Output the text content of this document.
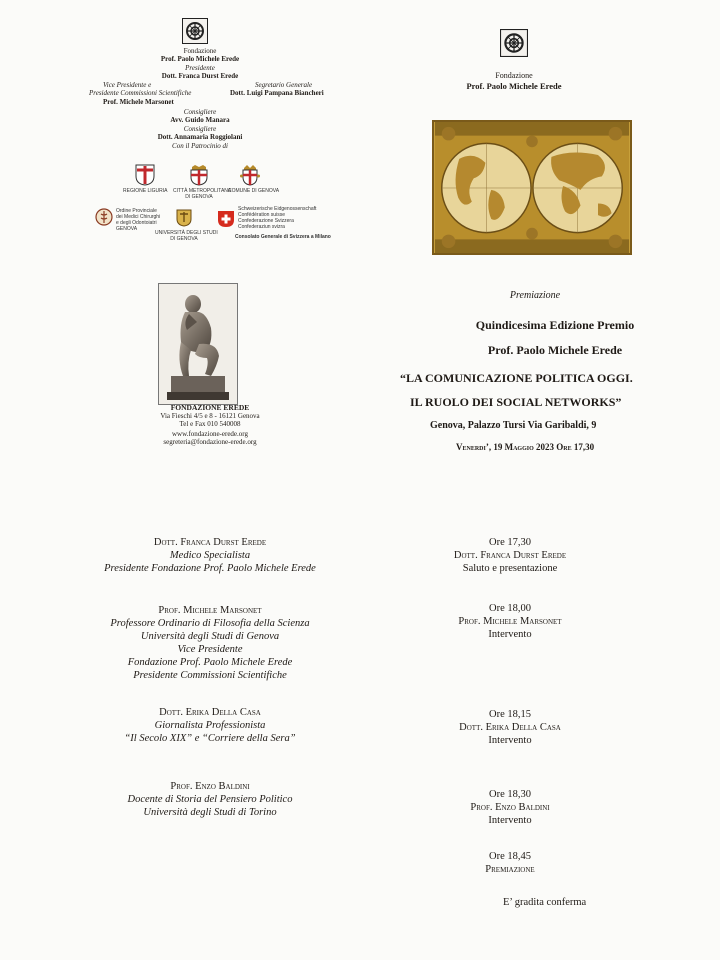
Fondazione
Prof. Paolo Michele Erede
Presidente
Dott. Franca Durst Erede
Vice Presidente e
Presidente Commissioni Scientifiche
Prof. Michele Marsonet
Segretario Generale
Dott. Luigi Pampana Biancheri
Consigliere
Avv. Guido Manara
Consigliere
Dott. Annamaria Roggiolani
Con il Patrocinio di
REGIONE LIGURIA CITTÀ METROPOLITANA
DI GENOVA
COMUNE DI GENOVA
Ordine Provinciale
dei Medici Chirurghi
e degli Odontoiatri
GENOVA
UNIVERSITÀ DEGLI STUDI
DI GENOVA
Schweizerische Eidgenossenschaft
Confédération suisse
Confederazione Svizzera
Confederaziun svizra
Consolato Generale di Svizzera a Milano
FONDAZIONE EREDE
Via Fieschi 4/5 e 8 - 16121 Genova
Tel e Fax 010 540008
www.fondazione-erede.org
segreteria@fondazione-erede.org
Fondazione
Prof. Paolo Michele Erede
Premiazione
Quindicesima Edizione Premio
Prof. Paolo Michele Erede
“LA COMUNICAZIONE POLITICA OGGI.
IL RUOLO DEI SOCIAL NETWORKS”
Genova, Palazzo Tursi Via Garibaldi, 9
Venerdi’, 19 Maggio 2023 Ore 17,30
Dott. Franca Durst Erede
Medico Specialista
Presidente Fondazione Prof. Paolo Michele Erede
Prof. Michele Marsonet
Professore Ordinario di Filosofia della Scienza
Università degli Studi di Genova
Vice Presidente
Fondazione Prof. Paolo Michele Erede
Presidente Commissioni Scientifiche
Dott. Erika Della Casa
Giornalista Professionista
“Il Secolo XIX” e “Corriere della Sera”
Prof. Enzo Baldini
Docente di Storia del Pensiero Politico
Università degli Studi di Torino
Ore 17,30
Dott. Franca Durst Erede
Saluto e presentazione
Ore 18,00
Prof. Michele Marsonet
Intervento
Ore 18,15
Dott. Erika Della Casa
Intervento
Ore 18,30
Prof. Enzo Baldini
Intervento
Ore 18,45
Premiazione
E’ gradita conferma
